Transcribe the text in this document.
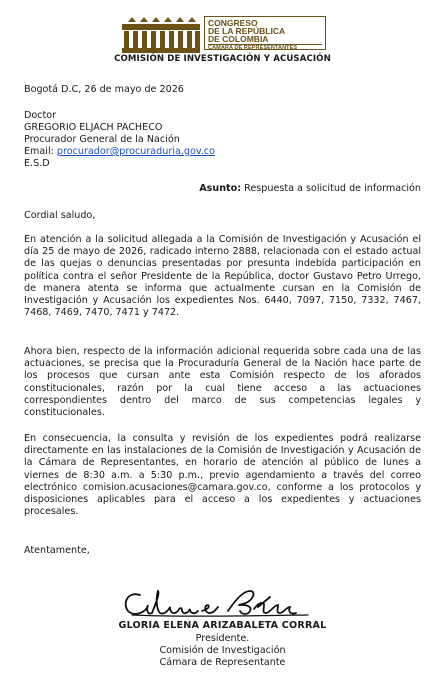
CONGRESO
DE LA REPÚBLICA
DE COLOMBIA
CÁMARA DE REPRESENTANTES
COMISIÓN DE INVESTIGACIÓN Y ACUSACIÓN
Bogotá D.C, 26 de mayo de 2026
Doctor
GREGORIO ELJACH PACHECO
Procurador General de la Nación
Email: procurador@procuraduria.gov.co
E.S.D
Asunto: Respuesta a solicitud de información
Cordial saludo,

En atención a la solicitud allegada a la Comisión de Investigación y Acusación el día 25 de mayo de 2026, radicado interno 2888, relacionada con el estado actual de las quejas o denuncias presentadas por presunta indebida participación en política contra el señor Presidente de la República, doctor Gustavo Petro Urrego, de manera atenta se informa que actualmente cursan en la Comisión de Investigación y Acusación los expedientes Nos. 6440, 7097, 7150, 7332, 7467, 7468, 7469, 7470, 7471 y 7472.

Ahora bien, respecto de la información adicional requerida sobre cada una de las actuaciones, se precisa que la Procuraduría General de la Nación hace parte de los procesos que cursan ante esta Comisión respecto de los aforados constitucionales, razón por la cual tiene acceso a las actuaciones correspondientes dentro del marco de sus competencias legales y constitucionales.

En consecuencia, la consulta y revisión de los expedientes podrá realizarse directamente en las instalaciones de la Comisión de Investigación y Acusación de la Cámara de Representantes, en horario de atención al público de lunes a viernes de 8:30 a.m. a 5:30 p.m., previo agendamiento a través del correo electrónico comision.acusaciones@camara.gov.co, conforme a los protocolos y disposiciones aplicables para el acceso a los expedientes y actuaciones procesales.

Atentamente,
GLORIA ELENA ARIZABALETA CORRAL
Presidente.
Comisión de Investigación
Cámara de Representante
